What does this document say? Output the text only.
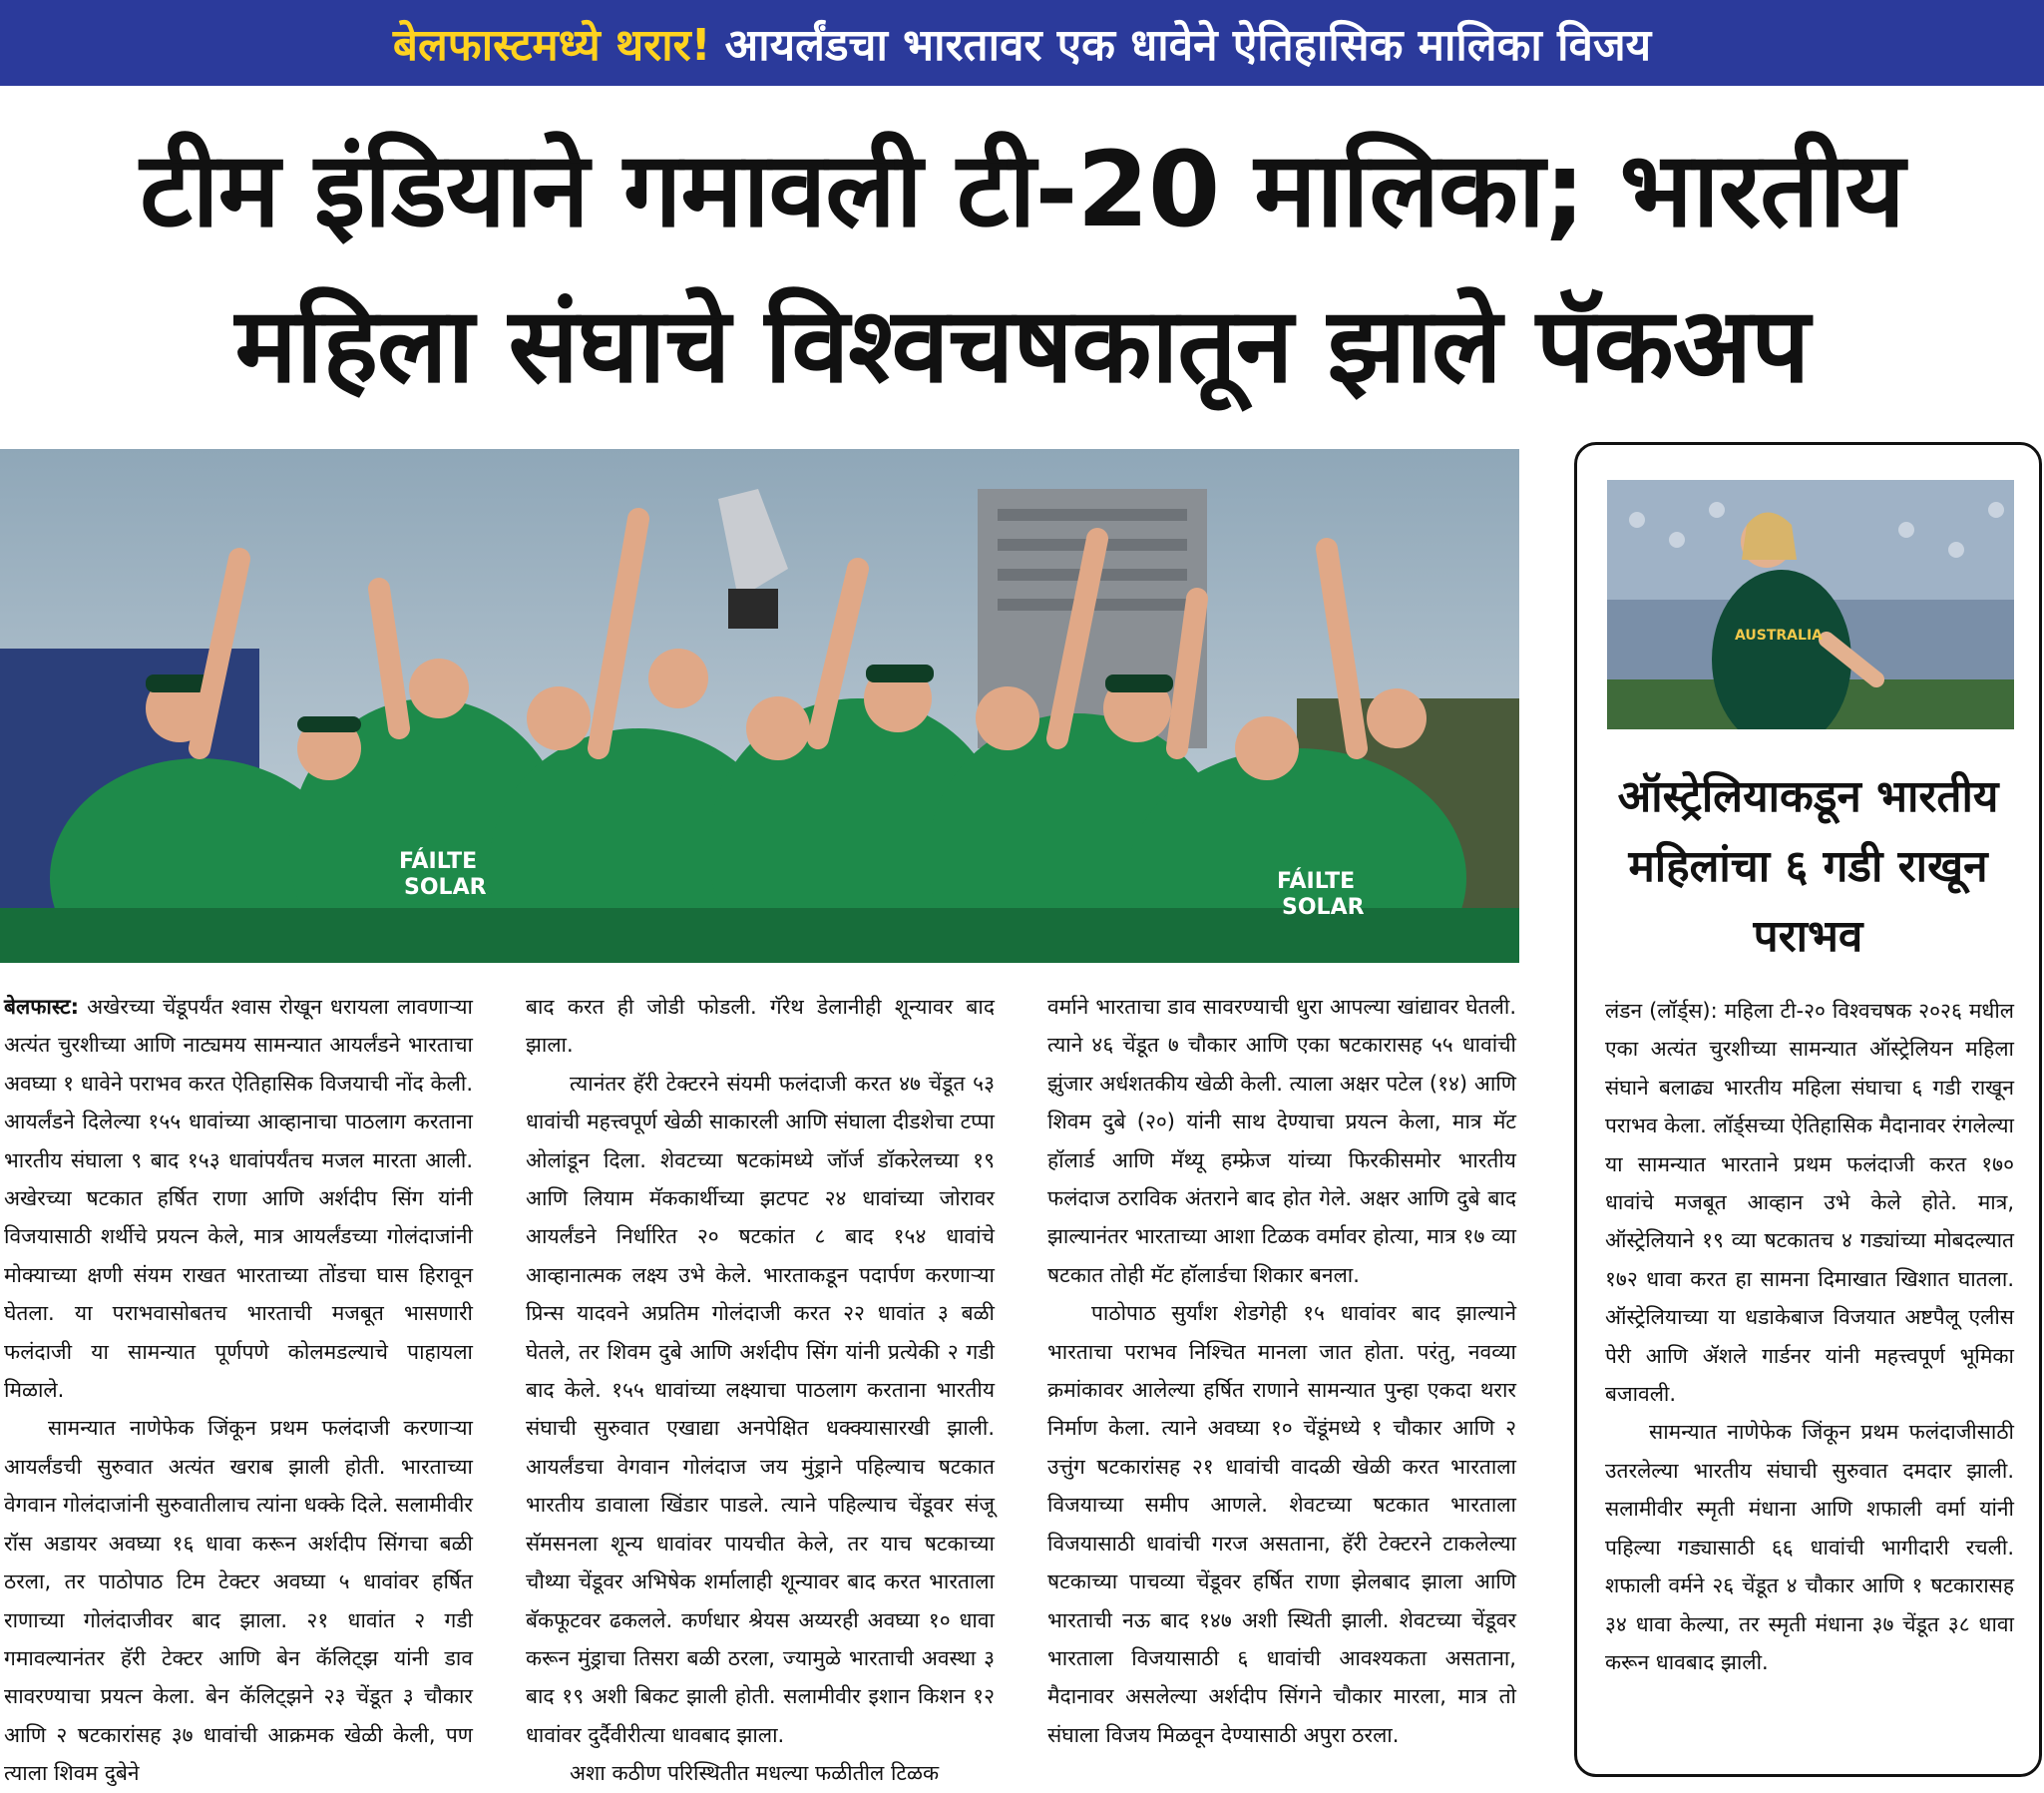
बेलफास्टमध्ये थरार! आयर्लंडचा भारतावर एक धावेने ऐतिहासिक मालिका विजय
टीम इंडियाने गमावली टी-20 मालिका; भारतीय
महिला संघाचे विश्वचषकातून झाले पॅकअप
FÁILTE
SOLAR	FÁILTE
SOLAR

बेलफास्ट: अखेरच्या चेंडूपर्यंत श्वास रोखून धरायला लावणाऱ्या अत्यंत चुरशीच्या आणि नाट्यमय सामन्यात आयर्लंडने भारताचा अवघ्या १ धावेने पराभव करत ऐतिहासिक विजयाची नोंद केली. आयर्लंडने दिलेल्या १५५ धावांच्या आव्हानाचा पाठलाग करताना भारतीय संघाला ९ बाद १५३ धावांपर्यंतच मजल मारता आली. अखेरच्या षटकात हर्षित राणा आणि अर्शदीप सिंग यांनी विजयासाठी शर्थीचे प्रयत्न केले, मात्र आयर्लंडच्या गोलंदाजांनी मोक्याच्या क्षणी संयम राखत भारताच्या तोंडचा घास हिरावून घेतला. या पराभवासोबतच भारताची मजबूत भासणारी फलंदाजी या सामन्यात पूर्णपणे कोलमडल्याचे पाहायला मिळाले.

सामन्यात नाणेफेक जिंकून प्रथम फलंदाजी करणाऱ्या आयर्लंडची सुरुवात अत्यंत खराब झाली होती. भारताच्या वेगवान गोलंदाजांनी सुरुवातीलाच त्यांना धक्के दिले. सलामीवीर रॉस अडायर अवघ्या १६ धावा करून अर्शदीप सिंगचा बळी ठरला, तर पाठोपाठ टिम टेक्टर अवघ्या ५ धावांवर हर्षित राणाच्या गोलंदाजीवर बाद झाला. २१ धावांत २ गडी गमावल्यानंतर हॅरी टेक्टर आणि बेन कॅलिट्झ यांनी डाव सावरण्याचा प्रयत्न केला. बेन कॅलिट्झने २३ चेंडूत ३ चौकार आणि २ षटकारांसह ३७ धावांची आक्रमक खेळी केली, पण त्याला शिवम दुबेने

बाद करत ही जोडी फोडली. गॅरेथ डेलानीही शून्यावर बाद झाला.

त्यानंतर हॅरी टेक्टरने संयमी फलंदाजी करत ४७ चेंडूत ५३ धावांची महत्त्वपूर्ण खेळी साकारली आणि संघाला दीडशेचा टप्पा ओलांडून दिला. शेवटच्या षटकांमध्ये जॉर्ज डॉकरेलच्या १९ आणि लियाम मॅककार्थीच्या झटपट २४ धावांच्या जोरावर आयर्लंडने निर्धारित २० षटकांत ८ बाद १५४ धावांचे आव्हानात्मक लक्ष्य उभे केले. भारताकडून पदार्पण करणाऱ्या प्रिन्स यादवने अप्रतिम गोलंदाजी करत २२ धावांत ३ बळी घेतले, तर शिवम दुबे आणि अर्शदीप सिंग यांनी प्रत्येकी २ गडी बाद केले. १५५ धावांच्या लक्ष्याचा पाठलाग करताना भारतीय संघाची सुरुवात एखाद्या अनपेक्षित धक्क्यासारखी झाली. आयर्लंडचा वेगवान गोलंदाज जय मुंड्राने पहिल्याच षटकात भारतीय डावाला खिंडार पाडले. त्याने पहिल्याच चेंडूवर संजू सॅमसनला शून्य धावांवर पायचीत केले, तर याच षटकाच्या चौथ्या चेंडूवर अभिषेक शर्मालाही शून्यावर बाद करत भारताला बॅकफूटवर ढकलले. कर्णधार श्रेयस अय्यरही अवघ्या १० धावा करून मुंड्राचा तिसरा बळी ठरला, ज्यामुळे भारताची अवस्था ३ बाद १९ अशी बिकट झाली होती. सलामीवीर इशान किशन १२ धावांवर दुर्दैवीरीत्या धावबाद झाला.

अशा कठीण परिस्थितीत मधल्या फळीतील टिळक

वर्माने भारताचा डाव सावरण्याची धुरा आपल्या खांद्यावर घेतली. त्याने ४६ चेंडूत ७ चौकार आणि एका षटकारासह ५५ धावांची झुंजार अर्धशतकीय खेळी केली. त्याला अक्षर पटेल (१४) आणि शिवम दुबे (२०) यांनी साथ देण्याचा प्रयत्न केला, मात्र मॅट हॉलार्ड आणि मॅथ्यू हम्फ्रेज यांच्या फिरकीसमोर भारतीय फलंदाज ठराविक अंतराने बाद होत गेले. अक्षर आणि दुबे बाद झाल्यानंतर भारताच्या आशा टिळक वर्मावर होत्या, मात्र १७ व्या षटकात तोही मॅट हॉलार्डचा शिकार बनला.

पाठोपाठ सुर्यांश शेडगेही १५ धावांवर बाद झाल्याने भारताचा पराभव निश्चित मानला जात होता. परंतु, नवव्या क्रमांकावर आलेल्या हर्षित राणाने सामन्यात पुन्हा एकदा थरार निर्माण केला. त्याने अवघ्या १० चेंडूंमध्ये १ चौकार आणि २ उत्तुंग षटकारांसह २१ धावांची वादळी खेळी करत भारताला विजयाच्या समीप आणले. शेवटच्या षटकात भारताला विजयासाठी धावांची गरज असताना, हॅरी टेक्टरने टाकलेल्या षटकाच्या पाचव्या चेंडूवर हर्षित राणा झेलबाद झाला आणि भारताची नऊ बाद १४७ अशी स्थिती झाली. शेवटच्या चेंडूवर भारताला विजयासाठी ६ धावांची आवश्यकता असताना, मैदानावर असलेल्या अर्शदीप सिंगने चौकार मारला, मात्र तो संघाला विजय मिळवून देण्यासाठी अपुरा ठरला.

AUSTRALIA
ऑस्ट्रेलियाकडून भारतीय महिलांचा ६ गडी राखून पराभव

लंडन (लॉर्ड्स): महिला टी-२० विश्वचषक २०२६ मधील एका अत्यंत चुरशीच्या सामन्यात ऑस्ट्रेलियन महिला संघाने बलाढ्य भारतीय महिला संघाचा ६ गडी राखून पराभव केला. लॉर्ड्सच्या ऐतिहासिक मैदानावर रंगलेल्या या सामन्यात भारताने प्रथम फलंदाजी करत १७० धावांचे मजबूत आव्हान उभे केले होते. मात्र, ऑस्ट्रेलियाने १९ व्या षटकातच ४ गड्यांच्या मोबदल्यात १७२ धावा करत हा सामना दिमाखात खिशात घातला. ऑस्ट्रेलियाच्या या धडाकेबाज विजयात अष्टपैलू एलीस पेरी आणि ॲशले गार्डनर यांनी महत्त्वपूर्ण भूमिका बजावली.

सामन्यात नाणेफेक जिंकून प्रथम फलंदाजीसाठी उतरलेल्या भारतीय संघाची सुरुवात दमदार झाली. सलामीवीर स्मृती मंधाना आणि शफाली वर्मा यांनी पहिल्या गड्यासाठी ६६ धावांची भागीदारी रचली. शफाली वर्मने २६ चेंडूत ४ चौकार आणि १ षटकारासह ३४ धावा केल्या, तर स्मृती मंधाना ३७ चेंडूत ३८ धावा करून धावबाद झाली.
